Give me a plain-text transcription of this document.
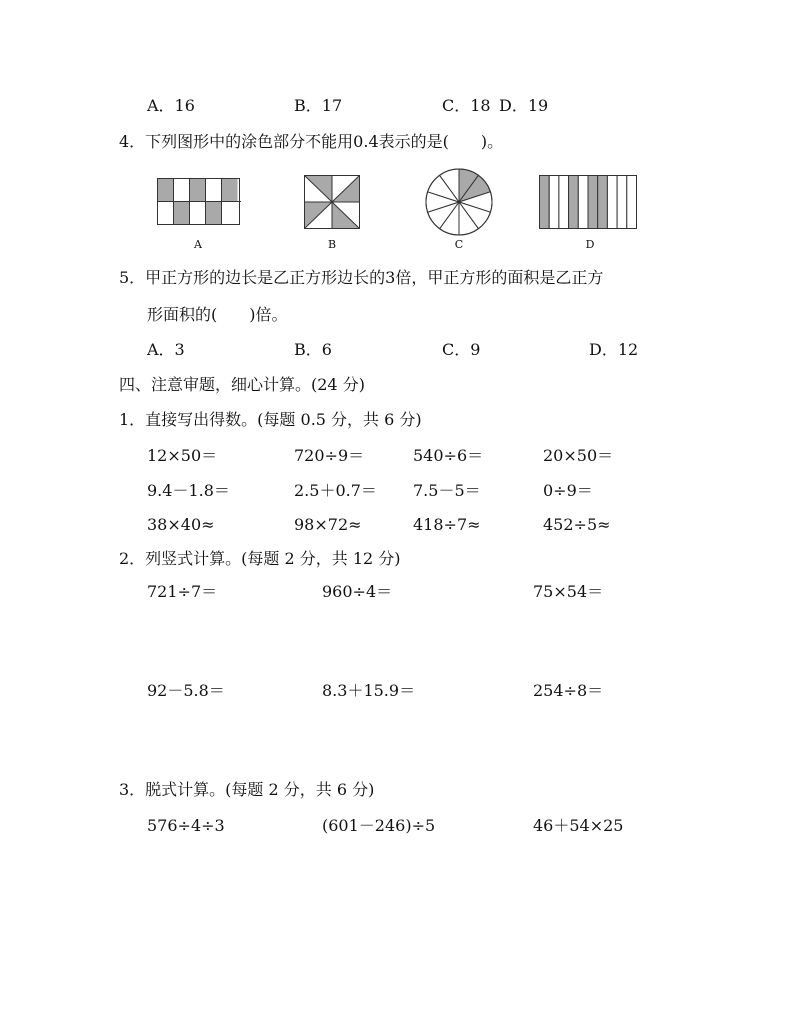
A．16	B．17	C．18 D．19
4．下列图形中的涂色部分不能用0.4表示的是(　　)。
A	B	C	D
5．甲正方形的边长是乙正方形边长的3倍，甲正方形的面积是乙正方
形面积的(　　)倍。
A．3	B．6	C．9	D．12
四、注意审题，细心计算。(24 分)
1．直接写出得数。(每题 0.5 分，共 6 分)
12×50＝	720÷9＝	540÷6＝	20×50＝
9.4－1.8＝	2.5＋0.7＝ 7.5－5＝	0÷9＝
38×40≈	98×72≈	418÷7≈	452÷5≈
2．列竖式计算。(每题 2 分，共 12 分)
721÷7＝	960÷4＝	75×54＝
92－5.8＝	8.3＋15.9＝	254÷8＝
3．脱式计算。(每题 2 分，共 6 分)
576÷4÷3	(601－246)÷5	46＋54×25
